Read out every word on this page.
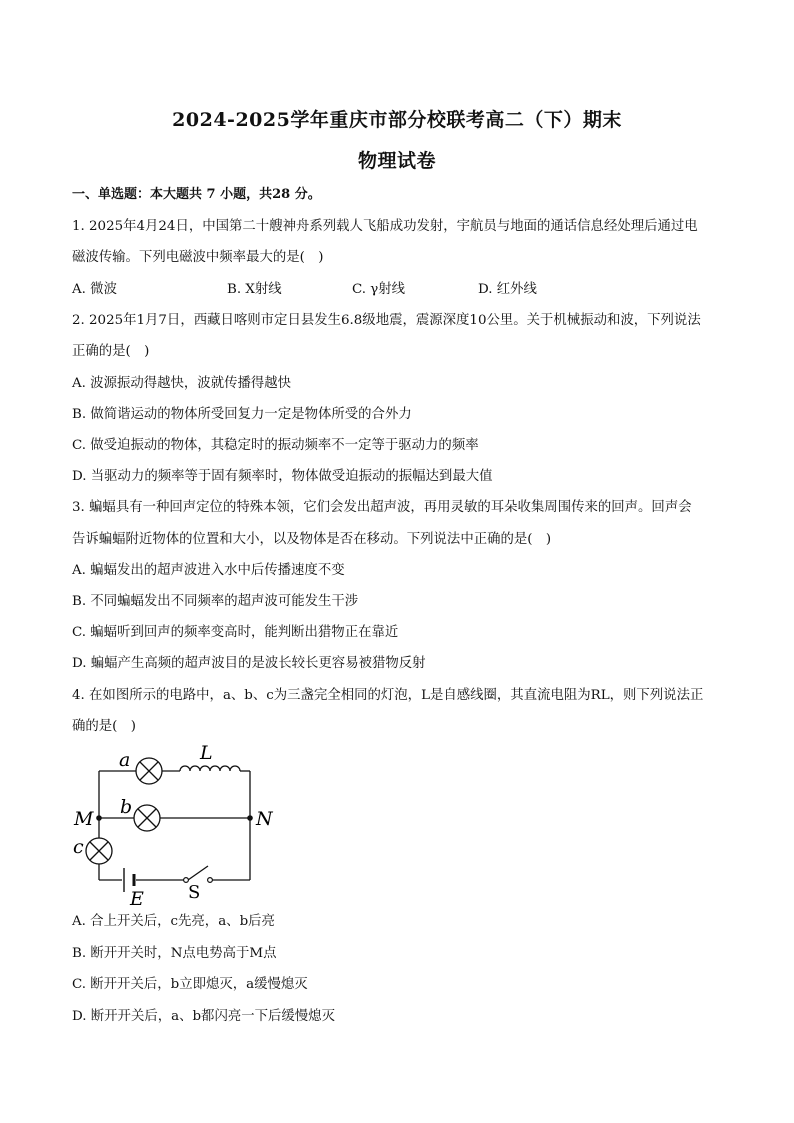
2024-2025学年重庆市部分校联考高二（下）期末
物理试卷
一、单选题：本大题共 7 小题，共28 分。
1. 2025年4月24日，中国第二十艘神舟系列载人飞船成功发射，宇航员与地面的通话信息经处理后通过电
磁波传输。下列电磁波中频率最大的是(　)
A. 微波	B. X射线	C. γ射线	D. 红外线
2. 2025年1月7日，西藏日喀则市定日县发生6.8级地震，震源深度10公里。关于机械振动和波，下列说法
正确的是(　)
A. 波源振动得越快，波就传播得越快
B. 做简谐运动的物体所受回复力一定是物体所受的合外力
C. 做受迫振动的物体，其稳定时的振动频率不一定等于驱动力的频率
D. 当驱动力的频率等于固有频率时，物体做受迫振动的振幅达到最大值
3. 蝙蝠具有一种回声定位的特殊本领，它们会发出超声波，再用灵敏的耳朵收集周围传来的回声。回声会
告诉蝙蝠附近物体的位置和大小，以及物体是否在移动。下列说法中正确的是(　)
A. 蝙蝠发出的超声波进入水中后传播速度不变
B. 不同蝙蝠发出不同频率的超声波可能发生干涉
C. 蝙蝠听到回声的频率变高时，能判断出猎物正在靠近
D. 蝙蝠产生高频的超声波目的是波长较长更容易被猎物反射
4. 在如图所示的电路中，a、b、c为三盏完全相同的灯泡，L是自感线圈，其直流电阻为RL，则下列说法正
确的是(　)
a	L
b
M	N
c
E S
A. 合上开关后，c先亮，a、b后亮
B. 断开开关时，N点电势高于M点
C. 断开开关后，b立即熄灭，a缓慢熄灭
D. 断开开关后，a、b都闪亮一下后缓慢熄灭
